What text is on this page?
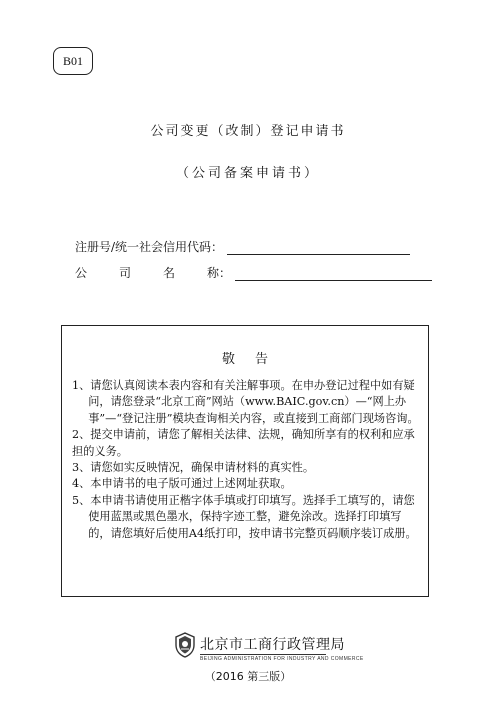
B01
公司变更（改制）登记申请书
（公司备案申请书）
注册号/统一社会信用代码：
公	司	名	称：
敬告

1、请您认真阅读本表内容和有关注解事项。在申办登记过程中如有疑问，请您登录“北京工商”网站（www.BAIC.gov.cn）—“网上办事”—“登记注册”模块查询相关内容，或直接到工商部门现场咨询。

2、提交申请前，请您了解相关法律、法规，确知所享有的权利和应承担的义务。

3、请您如实反映情况，确保申请材料的真实性。

4、本申请书的电子版可通过上述网址获取。

5、本申请书请使用正楷字体手填或打印填写。选择手工填写的，请您使用蓝黑或黑色墨水，保持字迹工整，避免涂改。选择打印填写的，请您填好后使用A4纸打印，按申请书完整页码顺序装订成册。

北京市工商行政管理局
BEIJING ADMINISTRATION FOR INDUSTRY AND COMMERCE
（2016 第三版）
